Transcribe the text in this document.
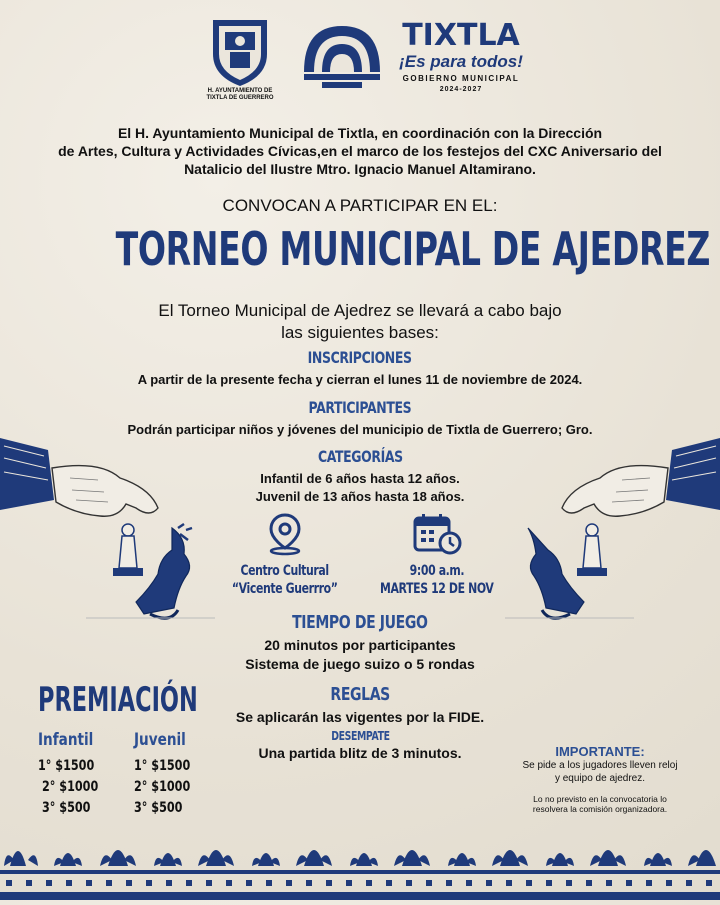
H. AYUNTAMIENTO DE
TIXTLA DE GUERRERO
TIXTLA
¡Es para todos!
GOBIERNO MUNICIPAL
2024-2027
El H. Ayuntamiento Municipal de Tixtla, en coordinación con la Dirección
de Artes, Cultura y Actividades Cívicas,en el marco de los festejos del CXC Aniversario del
Natalicio del Ilustre Mtro. Ignacio Manuel Altamirano.
CONVOCAN A PARTICIPAR EN EL:
TORNEO MUNICIPAL DE AJEDREZ
El Torneo Municipal de Ajedrez se llevará a cabo bajo
las siguientes bases:
INSCRIPCIONES
A partir de la presente fecha y cierran el lunes 11 de noviembre de 2024.
PARTICIPANTES
Podrán participar niños y jóvenes del municipio de Tixtla de Guerrero; Gro.
CATEGORÍAS
Infantil de 6 años hasta 12 años.
Juvenil de 13 años hasta 18 años.
Centro Cultural
“Vicente Guerrro”
9:00 a.m.
MARTES 12 DE NOV
TIEMPO DE JUEGO
20 minutos por participantes
Sistema de juego suizo o 5 rondas
REGLAS
Se aplicarán las vigentes por la FIDE.
DESEMPATE
Una partida blitz de 3 minutos.
PREMIACIÓN
Infantil
1° $1500
2° $1000
3° $500
Juvenil
1° $1500
2° $1000
3° $500
IMPORTANTE:
Se pide a los jugadores lleven reloj
y equipo de ajedrez.
Lo no previsto en la convocatoria lo
resolvera la comisión organizadora.
